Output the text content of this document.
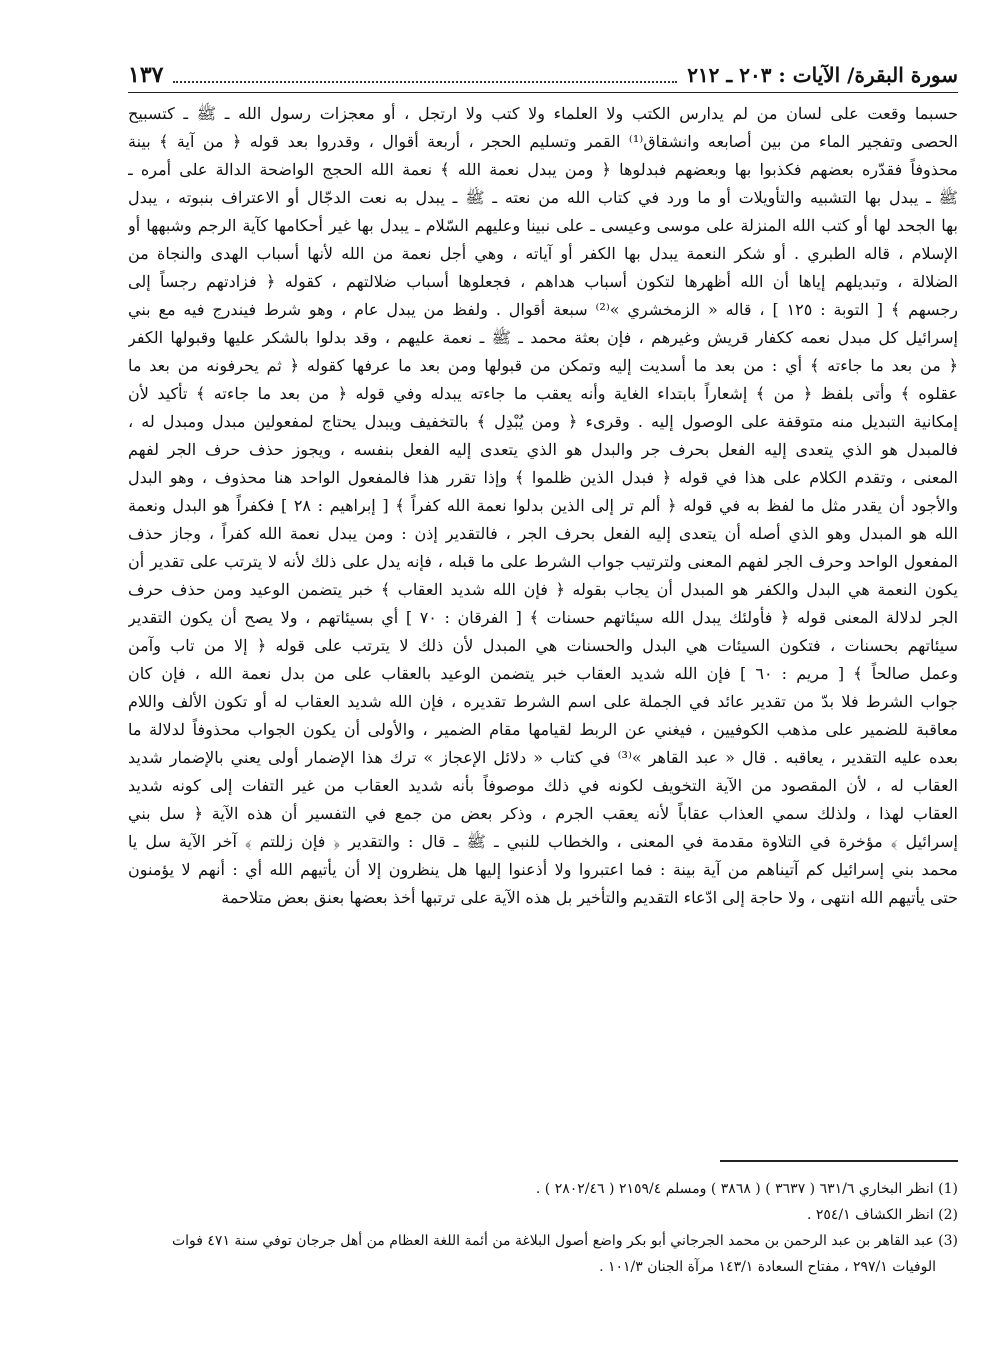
سورة البقرة/ الآيات : ٢٠٣ ـ ٢١٢
١٣٧
حسبما وقعت على لسان من لم يدارس الكتب ولا العلماء ولا كتب ولا ارتجل ، أو معجزات رسول الله ـ ﷺ ـ كتسبيح
الحصى وتفجير الماء من بين أصابعه وانشقاق⁽¹⁾ القمر وتسليم الحجر ، أربعة أقوال ، وقدروا بعد قوله ﴿ من آية ﴾ بينة
محذوفاً فقدّره بعضهم فكذبوا بها وبعضهم فبدلوها ﴿ ومن يبدل نعمة الله ﴾ نعمة الله الحجج الواضحة الدالة على أمره ـ
ﷺ ـ يبدل بها التشبيه والتأويلات أو ما ورد في كتاب الله من نعته ـ ﷺ ـ يبدل به نعت الدجّال أو الاعتراف بنبوته ، يبدل
بها الجحد لها أو كتب الله المنزلة على موسى وعيسى ـ على نبينا وعليهم السّلام ـ يبدل بها غير أحكامها كآية الرجم وشبهها أو
الإسلام ، قاله الطبري . أو شكر النعمة يبدل بها الكفر أو آياته ، وهي أجل نعمة من الله لأنها أسباب الهدى والنجاة من
الضلالة ، وتبديلهم إياها أن الله أظهرها لتكون أسباب هداهم ، فجعلوها أسباب ضلالتهم ، كقوله ﴿ فزادتهم رجساً إلى
رجسهم ﴾ [ التوبة : ١٢٥ ] ، قاله « الزمخشري »⁽²⁾ سبعة أقوال . ولفظ من يبدل عام ، وهو شرط فيندرج فيه مع بني
إسرائيل كل مبدل نعمه ككفار قريش وغيرهم ، فإن بعثة محمد ـ ﷺ ـ نعمة عليهم ، وقد بدلوا بالشكر عليها وقبولها الكفر
﴿ من بعد ما جاءته ﴾ أي : من بعد ما أسديت إليه وتمكن من قبولها ومن بعد ما عرفها كقوله ﴿ ثم يحرفونه من بعد ما
عقلوه ﴾ وأتى بلفظ ﴿ من ﴾ إشعاراً بابتداء الغاية وأنه يعقب ما جاءته يبدله وفي قوله ﴿ من بعد ما جاءته ﴾ تأكيد لأن
إمكانية التبديل منه متوقفة على الوصول إليه . وقرىء ﴿ ومن يُبْدِل ﴾ بالتخفيف ويبدل يحتاج لمفعولين مبدل ومبدل له ،
فالمبدل هو الذي يتعدى إليه الفعل بحرف جر والبدل هو الذي يتعدى إليه الفعل بنفسه ، ويجوز حذف حرف الجر لفهم
المعنى ، وتقدم الكلام على هذا في قوله ﴿ فبدل الذين ظلموا ﴾ وإذا تقرر هذا فالمفعول الواحد هنا محذوف ، وهو البدل
والأجود أن يقدر مثل ما لفظ به في قوله ﴿ ألم تر إلى الذين بدلوا نعمة الله كفراً ﴾ [ إبراهيم : ٢٨ ] فكفراً هو البدل ونعمة
الله هو المبدل وهو الذي أصله أن يتعدى إليه الفعل بحرف الجر ، فالتقدير إذن : ومن يبدل نعمة الله كفراً ، وجاز حذف
المفعول الواحد وحرف الجر لفهم المعنى ولترتيب جواب الشرط على ما قبله ، فإنه يدل على ذلك لأنه لا يترتب على تقدير أن
يكون النعمة هي البدل والكفر هو المبدل أن يجاب بقوله ﴿ فإن الله شديد العقاب ﴾ خبر يتضمن الوعيد ومن حذف حرف
الجر لدلالة المعنى قوله ﴿ فأولئك يبدل الله سيئاتهم حسنات ﴾ [ الفرقان : ٧٠ ] أي بسيئاتهم ، ولا يصح أن يكون التقدير
سيئاتهم بحسنات ، فتكون السيئات هي البدل والحسنات هي المبدل لأن ذلك لا يترتب على قوله ﴿ إلا من تاب وآمن
وعمل صالحاً ﴾ [ مريم : ٦٠ ] فإن الله شديد العقاب خبر يتضمن الوعيد بالعقاب على من بدل نعمة الله ، فإن كان
جواب الشرط فلا بدّ من تقدير عائد في الجملة على اسم الشرط تقديره ، فإن الله شديد العقاب له أو تكون الألف واللام
معاقبة للضمير على مذهب الكوفيين ، فيغني عن الربط لقيامها مقام الضمير ، والأولى أن يكون الجواب محذوفاً لدلالة ما
بعده عليه التقدير ، يعاقبه . قال « عبد القاهر »⁽³⁾ في كتاب « دلائل الإعجاز » ترك هذا الإضمار أولى يعني بالإضمار شديد
العقاب له ، لأن المقصود من الآية التخويف لكونه في ذلك موصوفاً بأنه شديد العقاب من غير التفات إلى كونه شديد
العقاب لهذا ، ولذلك سمي العذاب عقاباً لأنه يعقب الجرم ، وذكر بعض من جمع في التفسير أن هذه الآية ﴿ سل بني
إسرائيل ﴾ مؤخرة في التلاوة مقدمة في المعنى ، والخطاب للنبي ـ ﷺ ـ قال : والتقدير ﴿ فإن زللتم ﴾ آخر الآية سل يا
محمد بني إسرائيل كم آتيناهم من آية بينة : فما اعتبروا ولا أذعنوا إليها هل ينظرون إلا أن يأتيهم الله أي : أنهم لا يؤمنون
حتى يأتيهم الله انتهى ، ولا حاجة إلى ادّعاء التقديم والتأخير بل هذه الآية على ترتبها أخذ بعضها بعنق بعض متلاحمة
(1) انظر البخاري ٦٣١/٦ ( ٣٦٣٧ ) ( ٣٨٦٨ ) ومسلم ٢١٥٩/٤ ( ٢٨٠٢/٤٦ ) .
(2) انظر الكشاف ٢٥٤/١ .
(3) عبد القاهر بن عبد الرحمن بن محمد الجرجاني أبو بكر واضع أصول البلاغة من أئمة اللغة العظام من أهل جرجان توفي سنة ٤٧١ فوات
الوفيات ٢٩٧/١ ، مفتاح السعادة ١٤٣/١ مرآة الجنان ١٠١/٣ .
